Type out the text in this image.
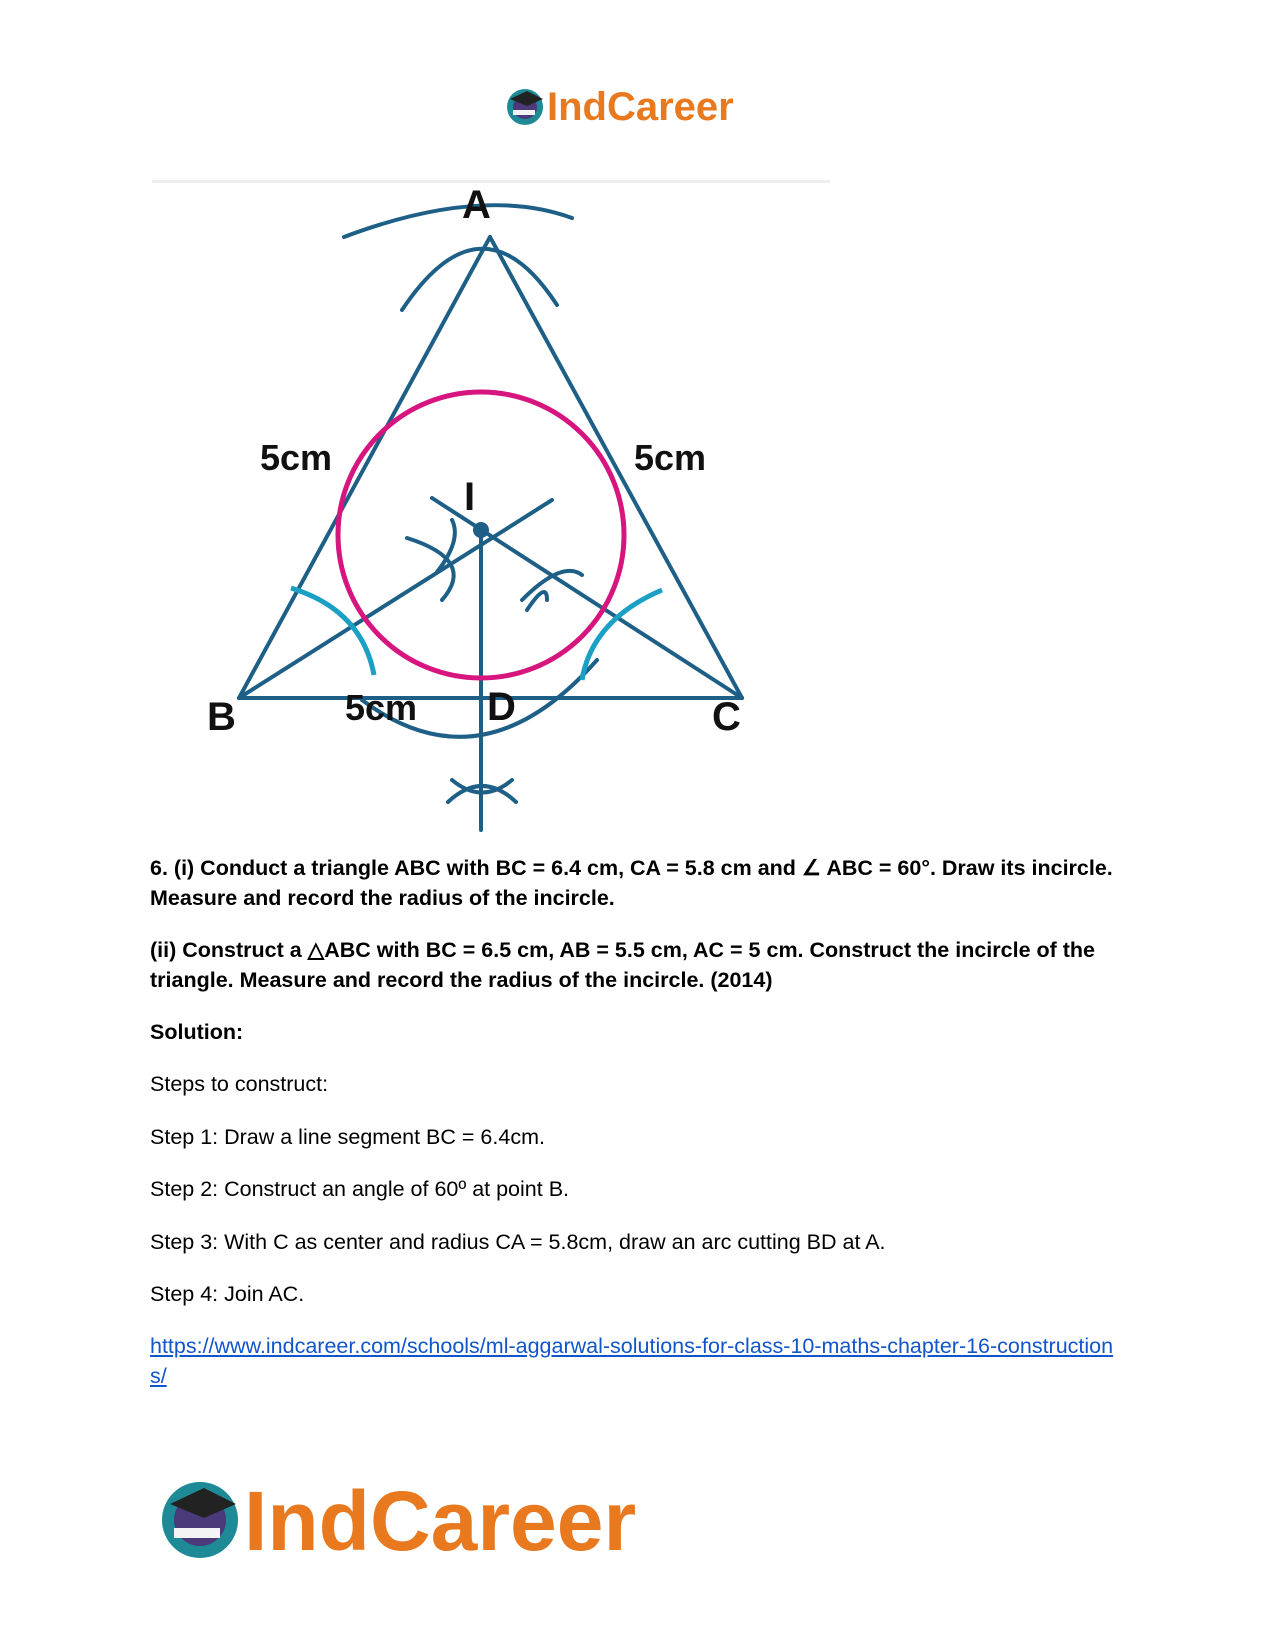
IndCareer
A
B	C
D
I
5cm	5cm
5cm

6. (i) Conduct a triangle ABC with BC = 6.4 cm, CA = 5.8 cm and ∠ ABC = 60°. Draw its incircle. Measure and record the radius of the incircle.

(ii) Construct a △ABC with BC = 6.5 cm, AB = 5.5 cm, AC = 5 cm. Construct the incircle of the triangle. Measure and record the radius of the incircle. (2014)

Solution:

Steps to construct:

Step 1: Draw a line segment BC = 6.4cm.

Step 2: Construct an angle of 60º at point B.

Step 3: With C as center and radius CA = 5.8cm, draw an arc cutting BD at A.

Step 4: Join AC.

https://www.indcareer.com/schools/ml-aggarwal-solutions-for-class-10-maths-chapter-16-constructions/

IndCareer
